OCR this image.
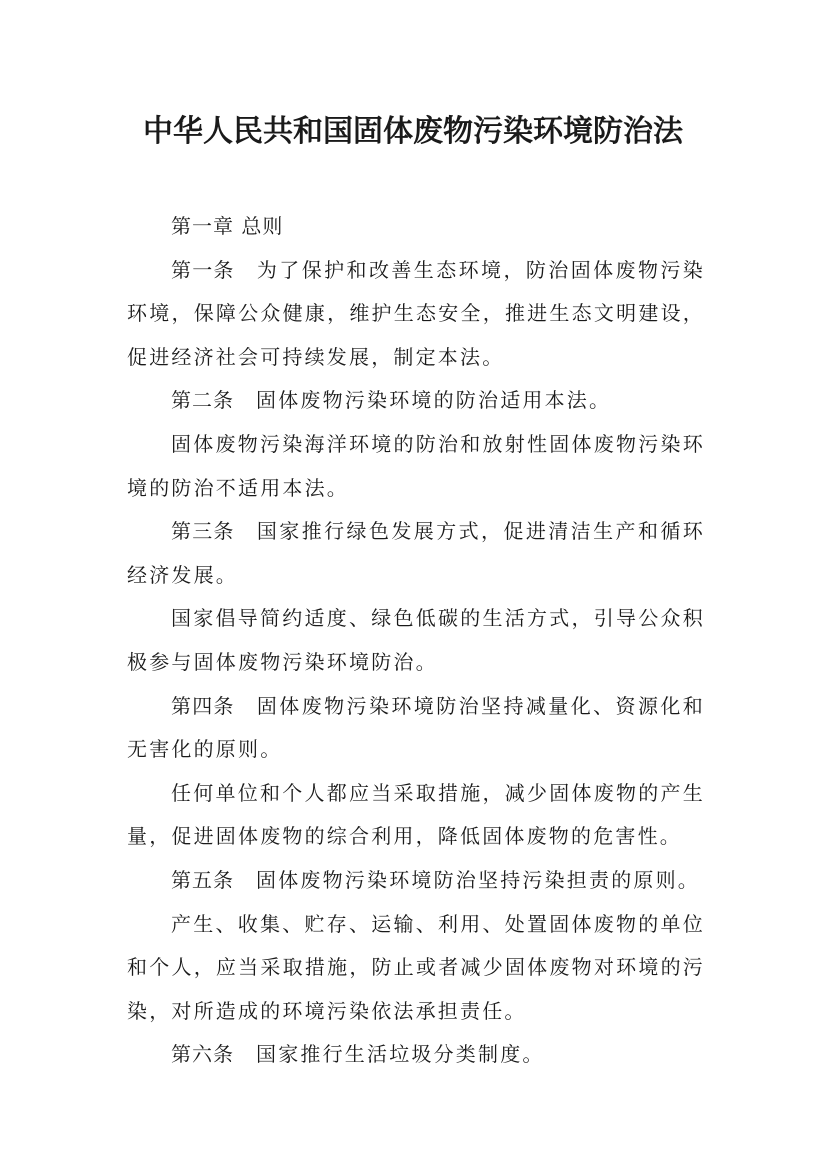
中华人民共和国固体废物污染环境防治法

第一章 总则

第一条 为了保护和改善生态环境，防治固体废物污染环境，保障公众健康，维护生态安全，推进生态文明建设，促进经济社会可持续发展，制定本法。

第二条 固体废物污染环境的防治适用本法。

固体废物污染海洋环境的防治和放射性固体废物污染环境的防治不适用本法。

第三条 国家推行绿色发展方式，促进清洁生产和循环经济发展。

国家倡导简约适度、绿色低碳的生活方式，引导公众积极参与固体废物污染环境防治。

第四条 固体废物污染环境防治坚持减量化、资源化和无害化的原则。

任何单位和个人都应当采取措施，减少固体废物的产生量，促进固体废物的综合利用，降低固体废物的危害性。

第五条 固体废物污染环境防治坚持污染担责的原则。

产生、收集、贮存、运输、利用、处置固体废物的单位和个人，应当采取措施，防止或者减少固体废物对环境的污染，对所造成的环境污染依法承担责任。

第六条 国家推行生活垃圾分类制度。
